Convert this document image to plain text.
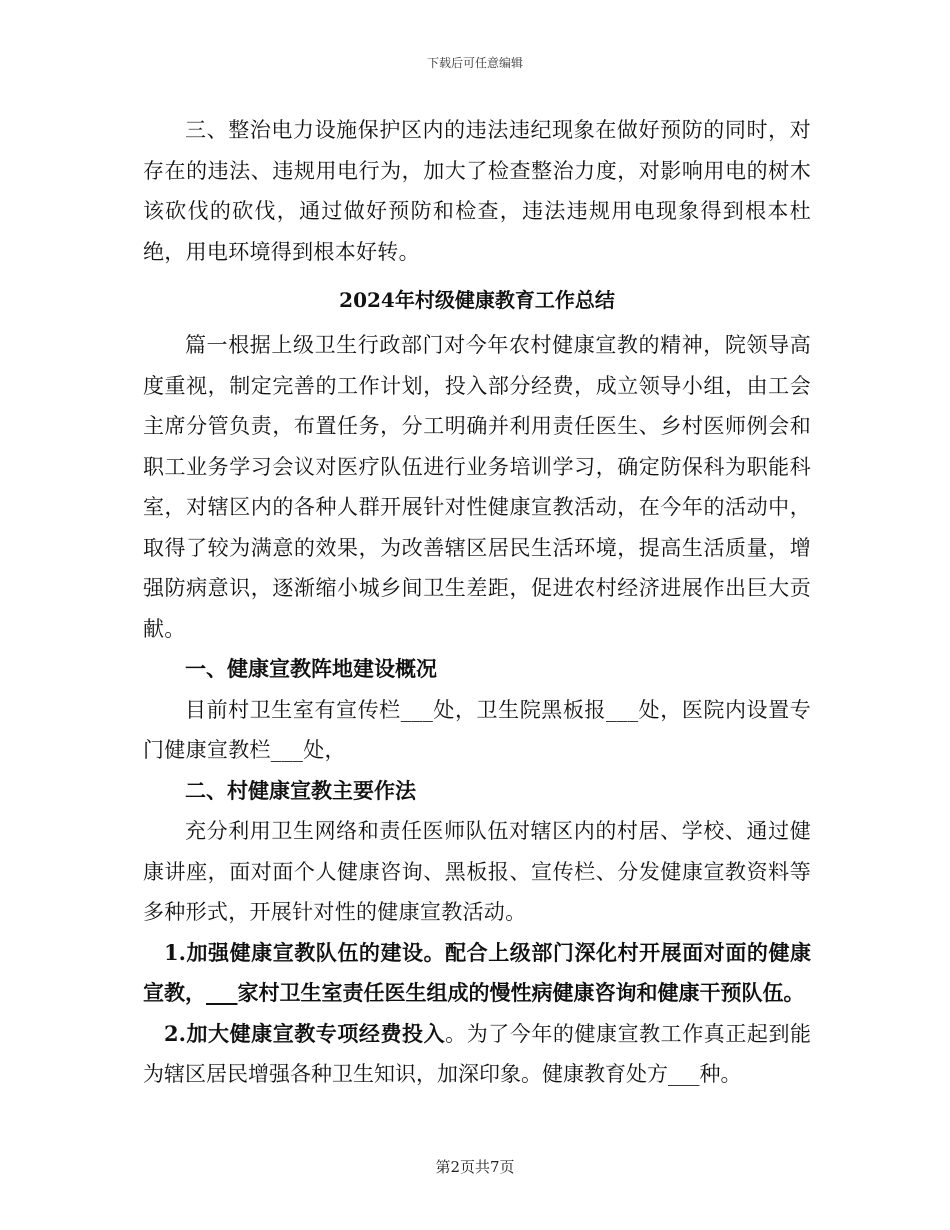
下载后可任意编辑

三、整治电力设施保护区内的违法违纪现象在做好预防的同时，对存在的违法、违规用电行为，加大了检查整治力度，对影响用电的树木该砍伐的砍伐，通过做好预防和检查，违法违规用电现象得到根本杜绝，用电环境得到根本好转。

2024年村级健康教育工作总结

篇一根据上级卫生行政部门对今年农村健康宣教的精神，院领导高度重视，制定完善的工作计划，投入部分经费，成立领导小组，由工会主席分管负责，布置任务，分工明确并利用责任医生、乡村医师例会和职工业务学习会议对医疗队伍进行业务培训学习，确定防保科为职能科室，对辖区内的各种人群开展针对性健康宣教活动，在今年的活动中，取得了较为满意的效果，为改善辖区居民生活环境，提高生活质量，增强防病意识，逐渐缩小城乡间卫生差距，促进农村经济进展作出巨大贡献。

一、健康宣教阵地建设概况

目前村卫生室有宣传栏___处，卫生院黑板报___处，医院内设置专门健康宣教栏___处，

二、村健康宣教主要作法

充分利用卫生网络和责任医师队伍对辖区内的村居、学校、通过健康讲座，面对面个人健康咨询、黑板报、宣传栏、分发健康宣教资料等多种形式，开展针对性的健康宣教活动。

1.加强健康宣教队伍的建设。配合上级部门深化村开展面对面的健康宣教，___家村卫生室责任医生组成的慢性病健康咨询和健康干预队伍。

2.加大健康宣教专项经费投入。为了今年的健康宣教工作真正起到能为辖区居民增强各种卫生知识，加深印象。健康教育处方___种。

第2页共7页
